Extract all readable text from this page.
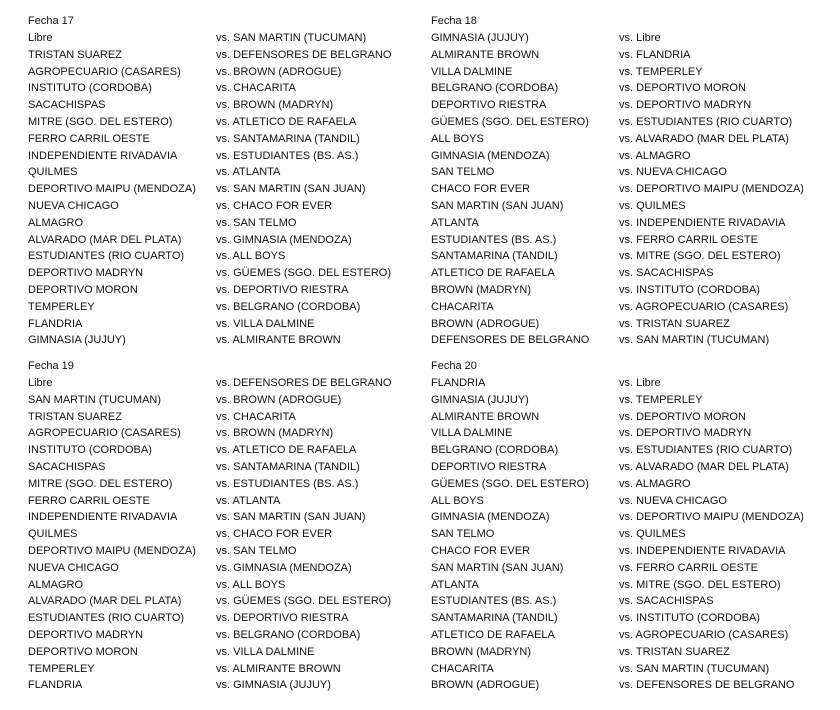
Fecha 17
Libre	vs. SAN MARTIN (TUCUMAN)
TRISTAN SUAREZ	vs. DEFENSORES DE BELGRANO
AGROPECUARIO (CASARES)	vs. BROWN (ADROGUE)
INSTITUTO (CORDOBA)	vs. CHACARITA
SACACHISPAS	vs. BROWN (MADRYN)
MITRE (SGO. DEL ESTERO)	vs. ATLETICO DE RAFAELA
FERRO CARRIL OESTE	vs. SANTAMARINA (TANDIL)
INDEPENDIENTE RIVADAVIA	vs. ESTUDIANTES (BS. AS.)
QUILMES	vs. ATLANTA
DEPORTIVO MAIPU (MENDOZA) vs. SAN MARTIN (SAN JUAN)
NUEVA CHICAGO	vs. CHACO FOR EVER
ALMAGRO	vs. SAN TELMO
ALVARADO (MAR DEL PLATA)	vs. GIMNASIA (MENDOZA)
ESTUDIANTES (RIO CUARTO)	vs. ALL BOYS
DEPORTIVO MADRYN	vs. GÜEMES (SGO. DEL ESTERO)
DEPORTIVO MORON	vs. DEPORTIVO RIESTRA
TEMPERLEY	vs. BELGRANO (CORDOBA)
FLANDRIA	vs. VILLA DALMINE
GIMNASIA (JUJUY)	vs. ALMIRANTE BROWN
Fecha 18
GIMNASIA (JUJUY)	vs. Libre
ALMIRANTE BROWN	vs. FLANDRIA
VILLA DALMINE	vs. TEMPERLEY
BELGRANO (CORDOBA)	vs. DEPORTIVO MORON
DEPORTIVO RIESTRA	vs. DEPORTIVO MADRYN
GÜEMES (SGO. DEL ESTERO)	vs. ESTUDIANTES (RIO CUARTO)
ALL BOYS	vs. ALVARADO (MAR DEL PLATA)
GIMNASIA (MENDOZA)	vs. ALMAGRO
SAN TELMO	vs. NUEVA CHICAGO
CHACO FOR EVER	vs. DEPORTIVO MAIPU (MENDOZA)
SAN MARTIN (SAN JUAN)	vs. QUILMES
ATLANTA	vs. INDEPENDIENTE RIVADAVIA
ESTUDIANTES (BS. AS.)	vs. FERRO CARRIL OESTE
SANTAMARINA (TANDIL)	vs. MITRE (SGO. DEL ESTERO)
ATLETICO DE RAFAELA	vs. SACACHISPAS
BROWN (MADRYN)	vs. INSTITUTO (CORDOBA)
CHACARITA	vs. AGROPECUARIO (CASARES)
BROWN (ADROGUE)	vs. TRISTAN SUAREZ
DEFENSORES DE BELGRANO	vs. SAN MARTIN (TUCUMAN)
Fecha 19
Libre	vs. DEFENSORES DE BELGRANO
SAN MARTIN (TUCUMAN)	vs. BROWN (ADROGUE)
TRISTAN SUAREZ	vs. CHACARITA
AGROPECUARIO (CASARES)	vs. BROWN (MADRYN)
INSTITUTO (CORDOBA)	vs. ATLETICO DE RAFAELA
SACACHISPAS	vs. SANTAMARINA (TANDIL)
MITRE (SGO. DEL ESTERO)	vs. ESTUDIANTES (BS. AS.)
FERRO CARRIL OESTE	vs. ATLANTA
INDEPENDIENTE RIVADAVIA	vs. SAN MARTIN (SAN JUAN)
QUILMES	vs. CHACO FOR EVER
DEPORTIVO MAIPU (MENDOZA) vs. SAN TELMO
NUEVA CHICAGO	vs. GIMNASIA (MENDOZA)
ALMAGRO	vs. ALL BOYS
ALVARADO (MAR DEL PLATA)	vs. GÜEMES (SGO. DEL ESTERO)
ESTUDIANTES (RIO CUARTO)	vs. DEPORTIVO RIESTRA
DEPORTIVO MADRYN	vs. BELGRANO (CORDOBA)
DEPORTIVO MORON	vs. VILLA DALMINE
TEMPERLEY	vs. ALMIRANTE BROWN
FLANDRIA	vs. GIMNASIA (JUJUY)
Fecha 20
FLANDRIA	vs. Libre
GIMNASIA (JUJUY)	vs. TEMPERLEY
ALMIRANTE BROWN	vs. DEPORTIVO MORON
VILLA DALMINE	vs. DEPORTIVO MADRYN
BELGRANO (CORDOBA)	vs. ESTUDIANTES (RIO CUARTO)
DEPORTIVO RIESTRA	vs. ALVARADO (MAR DEL PLATA)
GÜEMES (SGO. DEL ESTERO)	vs. ALMAGRO
ALL BOYS	vs. NUEVA CHICAGO
GIMNASIA (MENDOZA)	vs. DEPORTIVO MAIPU (MENDOZA)
SAN TELMO	vs. QUILMES
CHACO FOR EVER	vs. INDEPENDIENTE RIVADAVIA
SAN MARTIN (SAN JUAN)	vs. FERRO CARRIL OESTE
ATLANTA	vs. MITRE (SGO. DEL ESTERO)
ESTUDIANTES (BS. AS.)	vs. SACACHISPAS
SANTAMARINA (TANDIL)	vs. INSTITUTO (CORDOBA)
ATLETICO DE RAFAELA	vs. AGROPECUARIO (CASARES)
BROWN (MADRYN)	vs. TRISTAN SUAREZ
CHACARITA	vs. SAN MARTIN (TUCUMAN)
BROWN (ADROGUE)	vs. DEFENSORES DE BELGRANO
